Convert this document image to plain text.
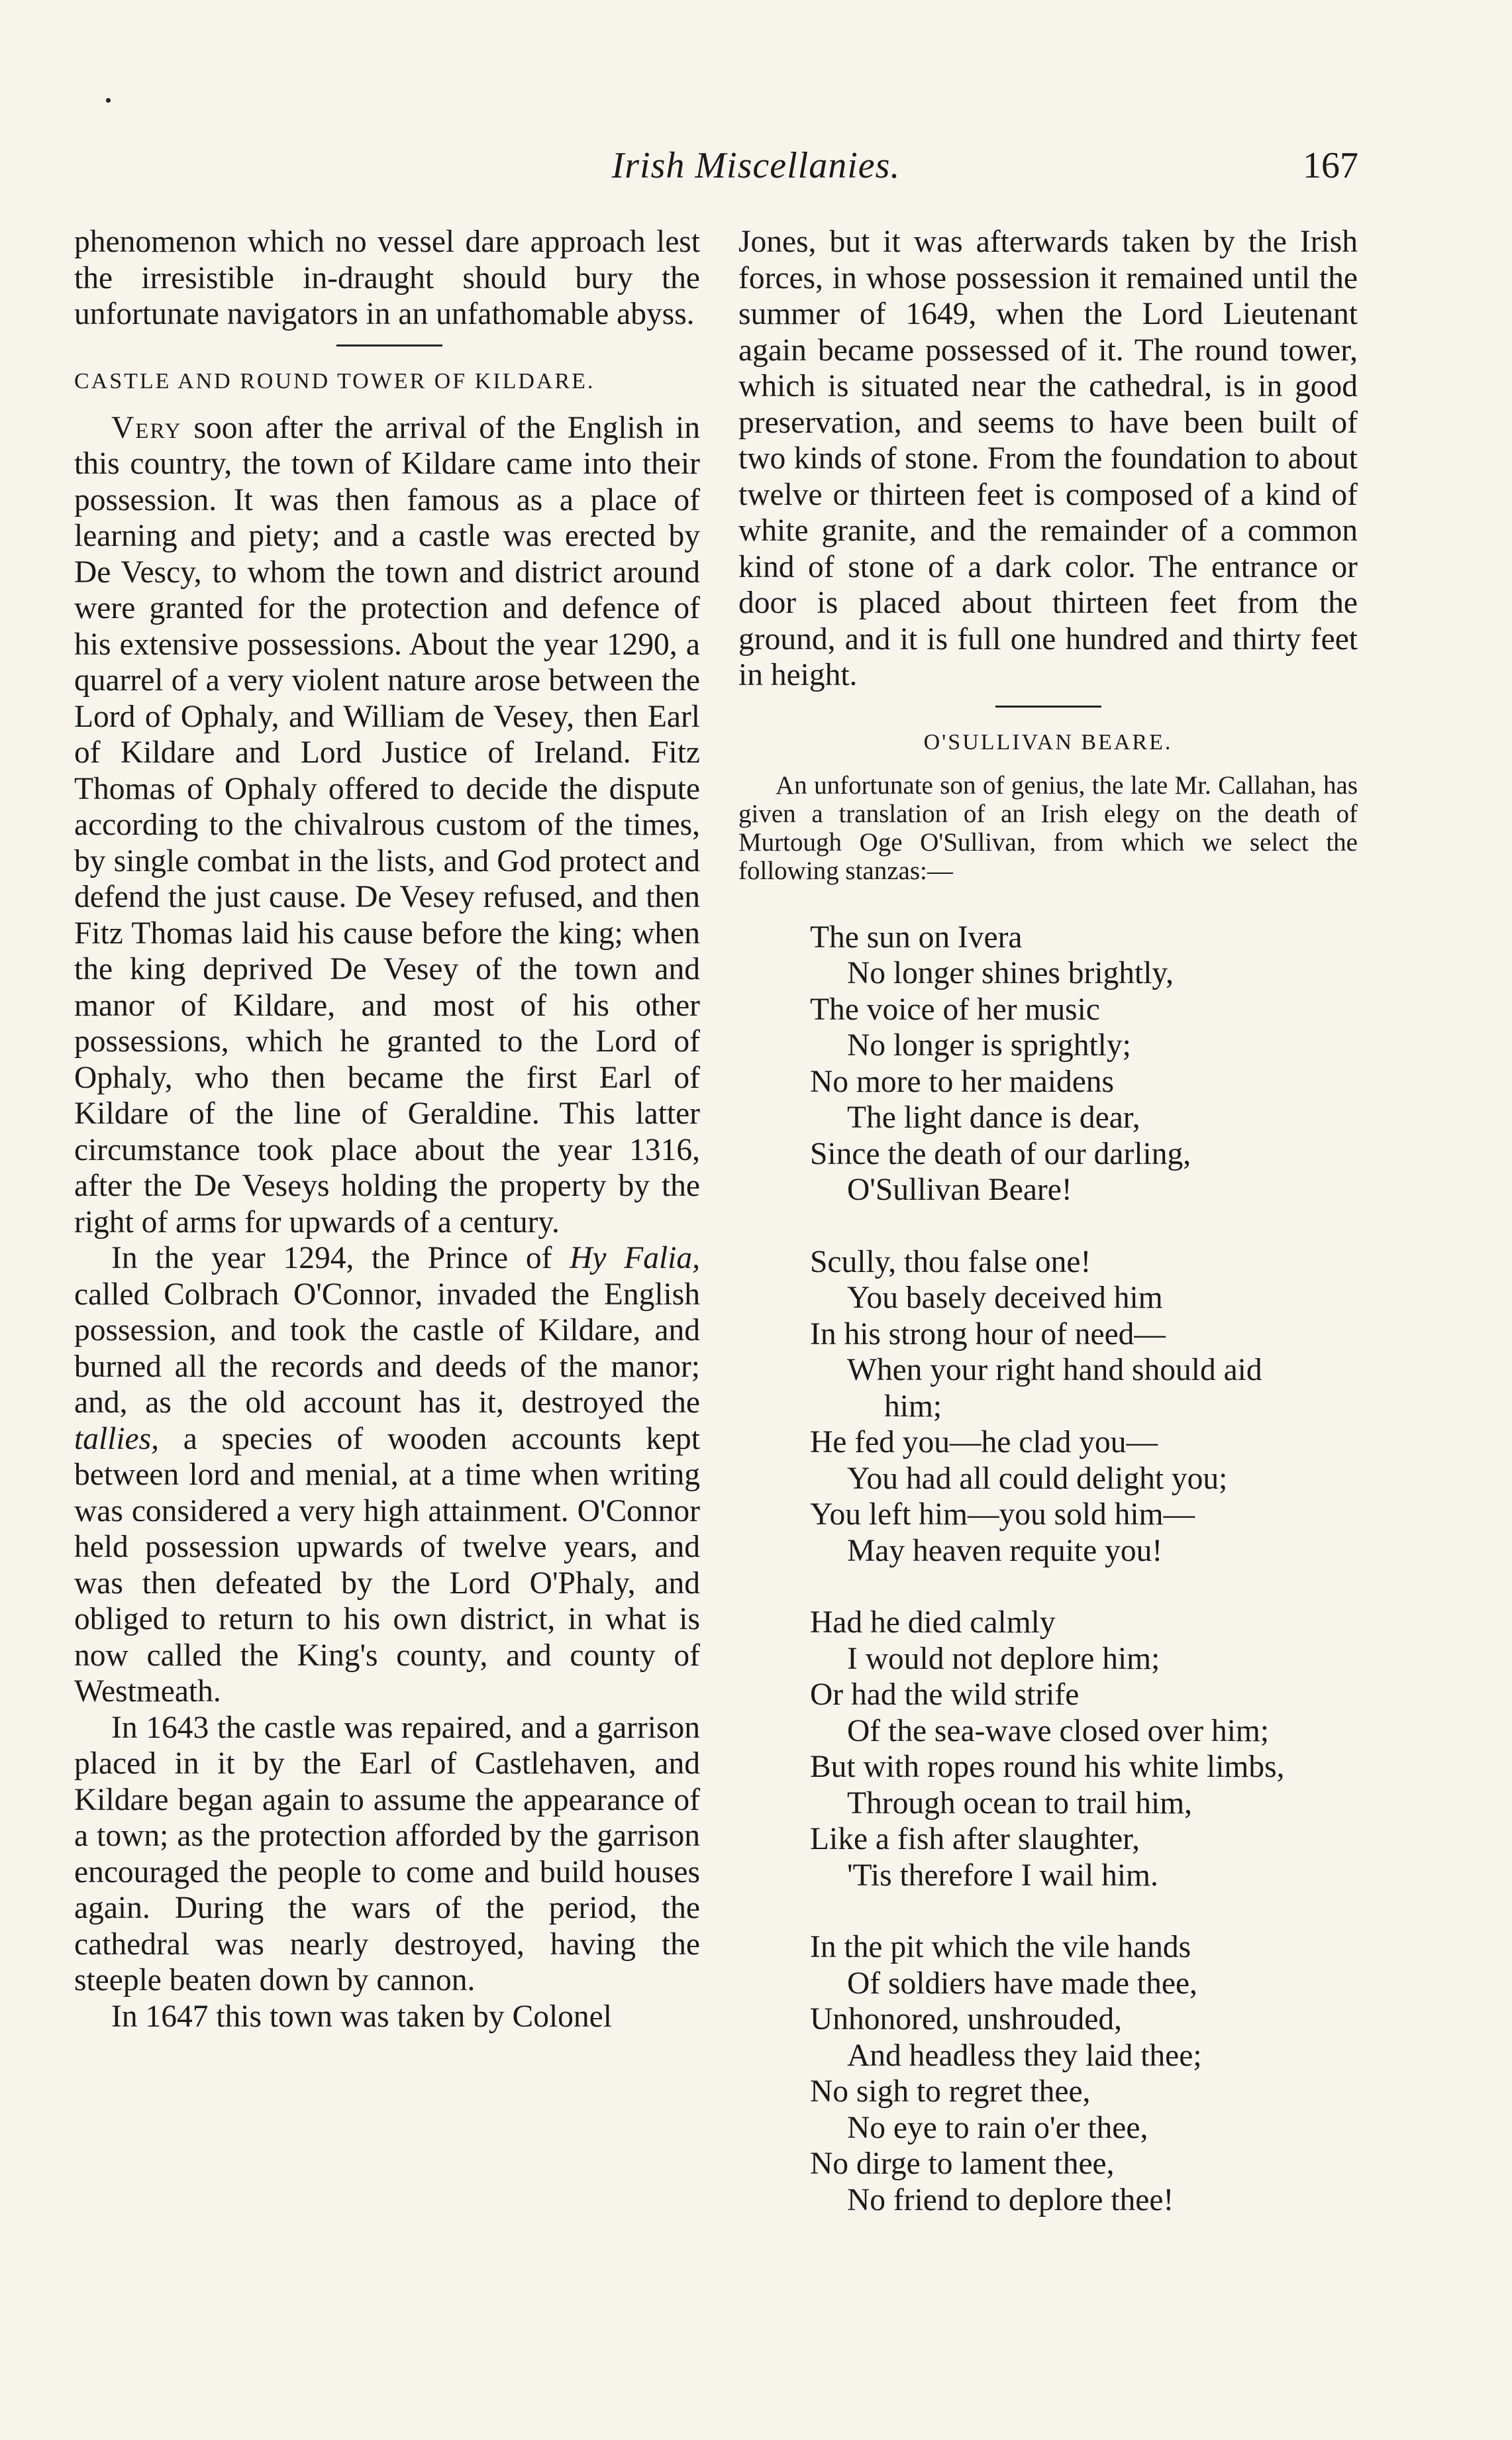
Irish Miscellanies.	167

phenomenon which no vessel dare approach lest the irresistible in-draught should bury the unfortunate navigators in an unfathomable abyss.

CASTLE AND ROUND TOWER OF KILDARE.

Very soon after the arrival of the English in this country, the town of Kildare came into their possession. It was then famous as a place of learning and piety; and a castle was erected by De Vescy, to whom the town and district around were granted for the protection and defence of his extensive possessions. About the year 1290, a quarrel of a very violent nature arose between the Lord of Ophaly, and William de Vesey, then Earl of Kildare and Lord Justice of Ireland. Fitz Thomas of Ophaly offered to decide the dispute according to the chivalrous custom of the times, by single combat in the lists, and God protect and defend the just cause. De Vesey refused, and then Fitz Thomas laid his cause before the king; when the king deprived De Vesey of the town and manor of Kildare, and most of his other possessions, which he granted to the Lord of Ophaly, who then became the first Earl of Kildare of the line of Geraldine. This latter circumstance took place about the year 1316, after the De Veseys holding the property by the right of arms for upwards of a century.

In the year 1294, the Prince of Hy Falia, called Colbrach O'Connor, invaded the English possession, and took the castle of Kildare, and burned all the records and deeds of the manor; and, as the old account has it, destroyed the tallies, a species of wooden accounts kept between lord and menial, at a time when writing was considered a very high attainment. O'Connor held possession upwards of twelve years, and was then defeated by the Lord O'Phaly, and obliged to return to his own district, in what is now called the King's county, and county of Westmeath.

In 1643 the castle was repaired, and a garrison placed in it by the Earl of Castlehaven, and Kildare began again to assume the appearance of a town; as the protection afforded by the garrison encouraged the people to come and build houses again. During the wars of the period, the cathedral was nearly destroyed, having the steeple beaten down by cannon.

In 1647 this town was taken by Colonel

Jones, but it was afterwards taken by the Irish forces, in whose possession it remained until the summer of 1649, when the Lord Lieutenant again became possessed of it. The round tower, which is situated near the cathedral, is in good preservation, and seems to have been built of two kinds of stone. From the foundation to about twelve or thirteen feet is composed of a kind of white granite, and the remainder of a common kind of stone of a dark color. The entrance or door is placed about thirteen feet from the ground, and it is full one hundred and thirty feet in height.

O'SULLIVAN BEARE.

An unfortunate son of genius, the late Mr. Callahan, has given a translation of an Irish elegy on the death of Murtough Oge O'Sullivan, from which we select the following stanzas:—

The sun on Ivera
No longer shines brightly,
The voice of her music
No longer is sprightly;
No more to her maidens
The light dance is dear,
Since the death of our darling,
O'Sullivan Beare!
Scully, thou false one!
You basely deceived him
In his strong hour of need—
When your right hand should aid
him;
He fed you—he clad you—
You had all could delight you;
You left him—you sold him—
May heaven requite you!
Had he died calmly
I would not deplore him;
Or had the wild strife
Of the sea-wave closed over him;
But with ropes round his white limbs,
Through ocean to trail him,
Like a fish after slaughter,
'Tis therefore I wail him.
In the pit which the vile hands
Of soldiers have made thee,
Unhonored, unshrouded,
And headless they laid thee;
No sigh to regret thee,
No eye to rain o'er thee,
No dirge to lament thee,
No friend to deplore thee!
